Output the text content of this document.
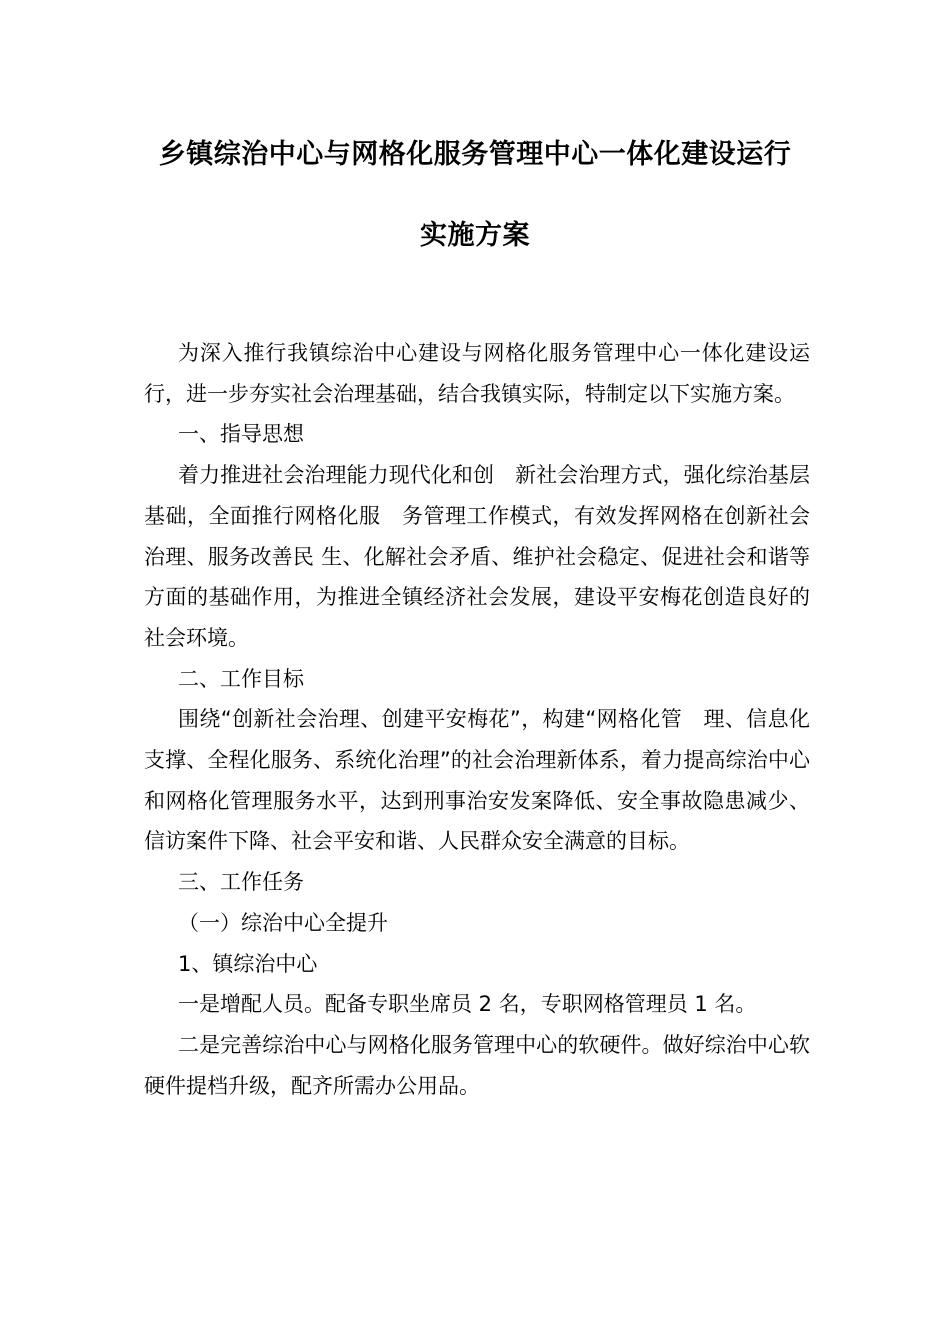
乡镇综治中心与网格化服务管理中心一体化建设运行
实施方案

为深入推行我镇综治中心建设与网格化服务管理中心一体化建设运行，进一步夯实社会治理基础，结合我镇实际，特制定以下实施方案。

一、指导思想

着力推进社会治理能力现代化和创　新社会治理方式，强化综治基层基础，全面推行网格化服　务管理工作模式，有效发挥网格在创新社会治理、服务改善民 生、化解社会矛盾、维护社会稳定、促进社会和谐等方面的基础作用，为推进全镇经济社会发展，建设平安梅花创造良好的社会环境。

二、工作目标

围绕“创新社会治理、创建平安梅花”，构建“网格化管　理、信息化支撑、全程化服务、系统化治理”的社会治理新体系，着力提高综治中心和网格化管理服务水平，达到刑事治安发案降低、安全事故隐患减少、信访案件下降、社会平安和谐、人民群众安全满意的目标。

三、工作任务

（一）综治中心全提升

1、镇综治中心

一是增配人员。配备专职坐席员 2 名，专职网格管理员 1 名。

二是完善综治中心与网格化服务管理中心的软硬件。做好综治中心软硬件提档升级，配齐所需办公用品。
